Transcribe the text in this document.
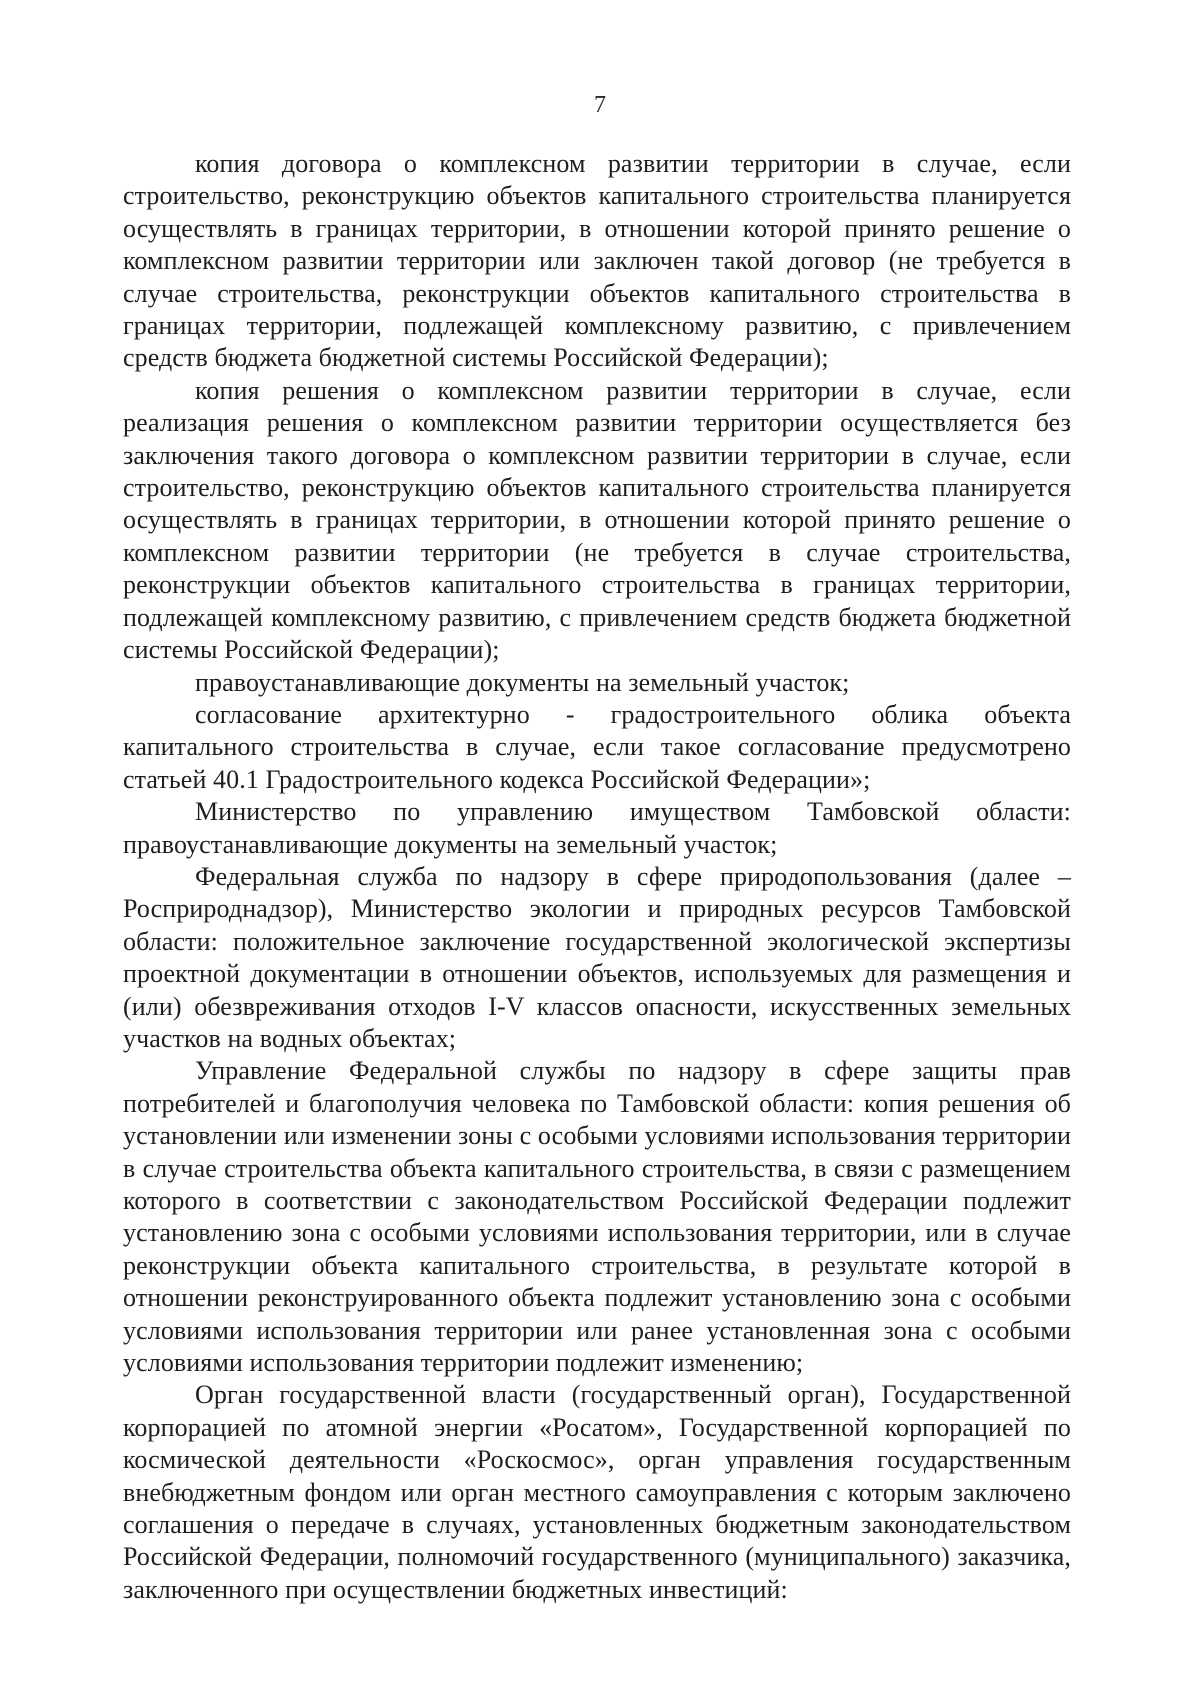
7

копия договора о комплексном развитии территории в случае, если строительство, реконструкцию объектов капитального строительства планируется осуществлять в границах территории, в отношении которой принято решение о комплексном развитии территории или заключен такой договор (не требуется в случае строительства, реконструкции объектов капитального строительства в границах территории, подлежащей комплексному развитию, с привлечением средств бюджета бюджетной системы Российской Федерации);

копия решения о комплексном развитии территории в случае, если реализация решения о комплексном развитии территории осуществляется без заключения такого договора о комплексном развитии территории в случае, если строительство, реконструкцию объектов капитального строительства планируется осуществлять в границах территории, в отношении которой принято решение о комплексном развитии территории (не требуется в случае строительства, реконструкции объектов капитального строительства в границах территории, подлежащей комплексному развитию, с привлечением средств бюджета бюджетной системы Российской Федерации);

правоустанавливающие документы на земельный участок;

согласование архитектурно - градостроительного облика объекта капитального строительства в случае, если такое согласование предусмотрено статьей 40.1 Градостроительного кодекса Российской Федерации»;

Министерство по управлению имуществом Тамбовской области: правоустанавливающие документы на земельный участок;

Федеральная служба по надзору в сфере природопользования (далее – Росприроднадзор), Министерство экологии и природных ресурсов Тамбовской области: положительное заключение государственной экологической экспертизы проектной документации в отношении объектов, используемых для размещения и (или) обезвреживания отходов I-V классов опасности, искусственных земельных участков на водных объектах;

Управление Федеральной службы по надзору в сфере защиты прав потребителей и благополучия человека по Тамбовской области: копия решения об установлении или изменении зоны с особыми условиями использования территории в случае строительства объекта капитального строительства, в связи с размещением которого в соответствии с законодательством Российской Федерации подлежит установлению зона с особыми условиями использования территории, или в случае реконструкции объекта капитального строительства, в результате которой в отношении реконструированного объекта подлежит установлению зона с особыми условиями использования территории или ранее установленная зона с особыми условиями использования территории подлежит изменению;

Орган государственной власти (государственный орган), Государственной корпорацией по атомной энергии «Росатом», Государственной корпорацией по космической деятельности «Роскосмос», орган управления государственным внебюджетным фондом или орган местного самоуправления с которым заключено соглашения о передаче в случаях, установленных бюджетным законодательством Российской Федерации, полномочий государственного (муниципального) заказчика, заключенного при осуществлении бюджетных инвестиций:
